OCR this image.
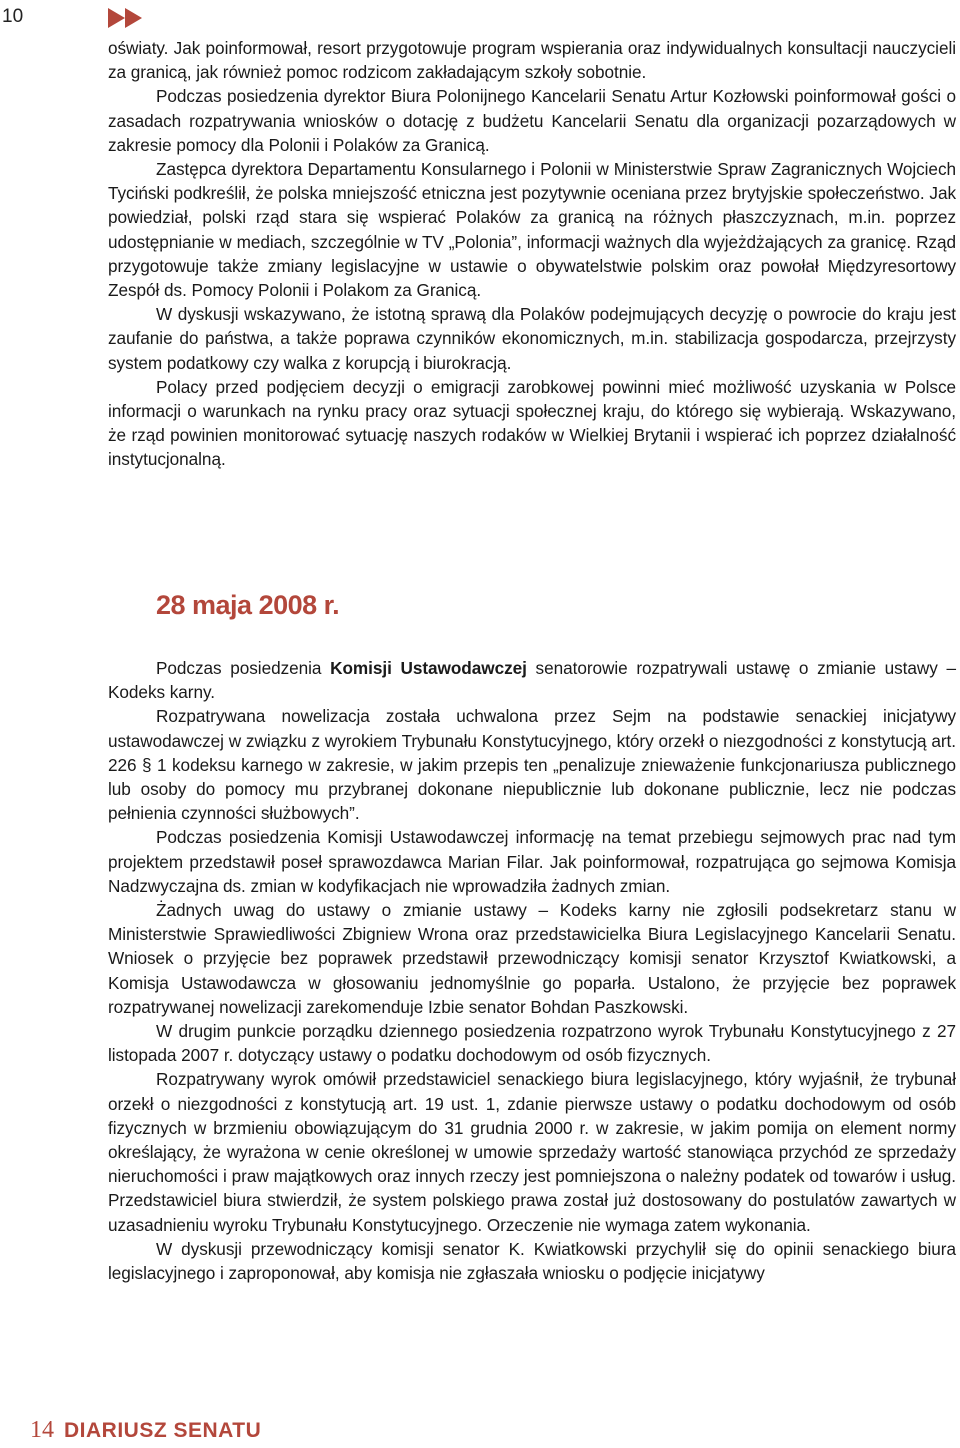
10

oświaty. Jak poinformował, resort przygotowuje program wspierania oraz indywidualnych konsultacji nauczycieli za granicą, jak również pomoc rodzicom zakładającym szkoły sobotnie.

Podczas posiedzenia dyrektor Biura Polonijnego Kancelarii Senatu Artur Kozłowski poinformował gości o zasadach rozpatrywania wniosków o dotację z budżetu Kancelarii Senatu dla organizacji pozarządowych w zakresie pomocy dla Polonii i Polaków za Granicą.

Zastępca dyrektora Departamentu Konsularnego i Polonii w Ministerstwie Spraw Zagranicznych Wojciech Tyciński podkreślił, że polska mniejszość etniczna jest pozytywnie oceniana przez brytyjskie społeczeństwo. Jak powiedział, polski rząd stara się wspierać Polaków za granicą na różnych płaszczyznach, m.in. poprzez udostępnianie w mediach, szczególnie w TV „Polonia”, informacji ważnych dla wyjeżdżających za granicę. Rząd przygotowuje także zmiany legislacyjne w ustawie o obywatelstwie polskim oraz powołał Międzyresortowy Zespół ds. Pomocy Polonii i Polakom za Granicą.

W dyskusji wskazywano, że istotną sprawą dla Polaków podejmujących decyzję o powrocie do kraju jest zaufanie do państwa, a także poprawa czynników ekonomicznych, m.in. stabilizacja gospodarcza, przejrzysty system podatkowy czy walka z korupcją i biurokracją.

Polacy przed podjęciem decyzji o emigracji zarobkowej powinni mieć możliwość uzyskania w Polsce informacji o warunkach na rynku pracy oraz sytuacji społecznej kraju, do którego się wybierają. Wskazywano, że rząd powinien monitorować sytuację naszych rodaków w Wielkiej Brytanii i wspierać ich poprzez działalność instytucjonalną.

28 maja 2008 r.

Podczas posiedzenia Komisji Ustawodawczej senatorowie rozpatrywali ustawę o zmianie ustawy – Kodeks karny.

Rozpatrywana nowelizacja została uchwalona przez Sejm na podstawie senackiej inicjatywy ustawodawczej w związku z wyrokiem Trybunału Konstytucyjnego, który orzekł o niezgodności z konstytucją art. 226 § 1 kodeksu karnego w zakresie, w jakim przepis ten „penalizuje znieważenie funkcjonariusza publicznego lub osoby do pomocy mu przybranej dokonane niepublicznie lub dokonane publicznie, lecz nie podczas pełnienia czynności służbowych”.

Podczas posiedzenia Komisji Ustawodawczej informację na temat przebiegu sejmowych prac nad tym projektem przedstawił poseł sprawozdawca Marian Filar. Jak poinformował, rozpatrująca go sejmowa Komisja Nadzwyczajna ds. zmian w kodyfikacjach nie wprowadziła żadnych zmian.

Żadnych uwag do ustawy o zmianie ustawy – Kodeks karny nie zgłosili podsekretarz stanu w Ministerstwie Sprawiedliwości Zbigniew Wrona oraz przedstawicielka Biura Legislacyjnego Kancelarii Senatu. Wniosek o przyjęcie bez poprawek przedstawił przewodniczący komisji senator Krzysztof Kwiatkowski, a Komisja Ustawodawcza w głosowaniu jednomyślnie go poparła. Ustalono, że przyjęcie bez poprawek rozpatrywanej nowelizacji zarekomenduje Izbie senator Bohdan Paszkowski.

W drugim punkcie porządku dziennego posiedzenia rozpatrzono wyrok Trybunału Konstytucyjnego z 27 listopada 2007 r. dotyczący ustawy o podatku dochodowym od osób fizycznych.

Rozpatrywany wyrok omówił przedstawiciel senackiego biura legislacyjnego, który wyjaśnił, że trybunał orzekł o niezgodności z konstytucją art. 19 ust. 1, zdanie pierwsze ustawy o podatku dochodowym od osób fizycznych w brzmieniu obowiązującym do 31 grudnia 2000 r. w zakresie, w jakim pomija on element normy określający, że wyrażona w cenie określonej w umowie sprzedaży wartość stanowiąca przychód ze sprzedaży nieruchomości i praw majątkowych oraz innych rzeczy jest pomniejszona o należny podatek od towarów i usług. Przedstawiciel biura stwierdził, że system polskiego prawa został już dostosowany do postulatów zawartych w uzasadnieniu wyroku Trybunału Konstytucyjnego. Orzeczenie nie wymaga zatem wykonania.

W dyskusji przewodniczący komisji senator K. Kwiatkowski przychylił się do opinii senackiego biura legislacyjnego i zaproponował, aby komisja nie zgłaszała wniosku o podjęcie inicjatywy

14 DIARIUSZ SENATU
